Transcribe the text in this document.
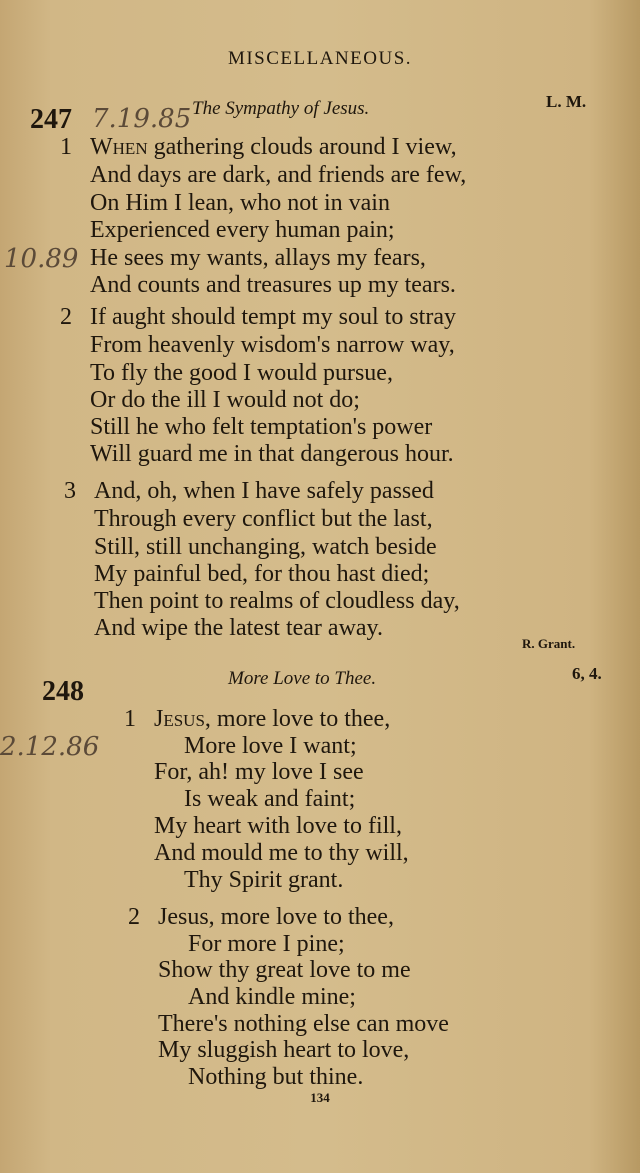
MISCELLANEOUS.
247 7.19.85 The Sympathy of Jesus.	L. M.
10.89
1 When gathering clouds around I view,
And days are dark, and friends are few,
On Him I lean, who not in vain
Experienced every human pain;
He sees my wants, allays my fears,
And counts and treasures up my tears.
2 If aught should tempt my soul to stray
From heavenly wisdom's narrow way,
To fly the good I would pursue,
Or do the ill I would not do;
Still he who felt temptation's power
Will guard me in that dangerous hour.
3 And, oh, when I have safely passed
Through every conflict but the last,
Still, still unchanging, watch beside
My painful bed, for thou hast died;
Then point to realms of cloudless day,
And wipe the latest tear away.
R. Grant.
248	More Love to Thee.	6, 4.
2.12.86
1 Jesus, more love to thee,
More love I want;
For, ah! my love I see
Is weak and faint;
My heart with love to fill,
And mould me to thy will,
Thy Spirit grant.
2 Jesus, more love to thee,
For more I pine;
Show thy great love to me
And kindle mine;
There's nothing else can move
My sluggish heart to love,
Nothing but thine.
134
